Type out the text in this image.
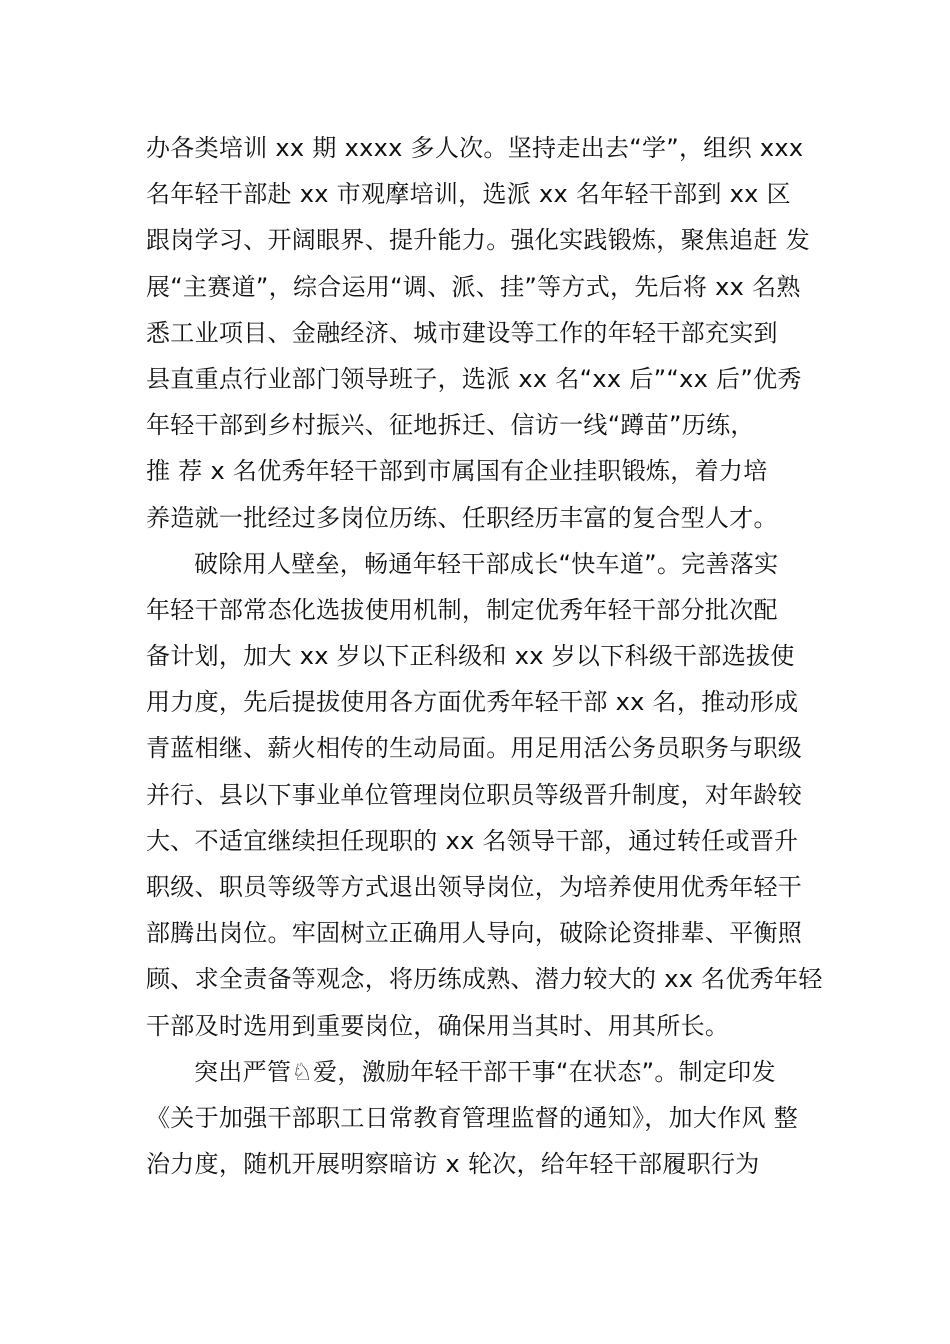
办各类培训 xx 期 xxxx 多人次。坚持走出去“学”，组织 xxx
名年轻干部赴 xx 市观摩培训，选派 xx 名年轻干部到 xx 区
跟岗学习、开阔眼界、提升能力。强化实践锻炼，聚焦追赶 发
展“主赛道”，综合运用“调、派、挂”等方式，先后将 xx 名熟
悉工业项目、金融经济、城市建设等工作的年轻干部充实到
县直重点行业部门领导班子，选派 xx 名“xx 后”“xx 后”优秀
年轻干部到乡村振兴、征地拆迁、信访一线“蹲苗”历练，
推 荐 x 名优秀年轻干部到市属国有企业挂职锻炼，着力培
养造就一批经过多岗位历练、任职经历丰富的复合型人才。
破除用人壁垒，畅通年轻干部成长“快车道”。完善落实
年轻干部常态化选拔使用机制，制定优秀年轻干部分批次配
备计划，加大 xx 岁以下正科级和 xx 岁以下科级干部选拔使
用力度，先后提拔使用各方面优秀年轻干部 xx 名，推动形成
青蓝相继、薪火相传的生动局面。用足用活公务员职务与职级
并行、县以下事业单位管理岗位职员等级晋升制度，对年龄较
大、不适宜继续担任现职的 xx 名领导干部，通过转任或晋升
职级、职员等级等方式退出领导岗位，为培养使用优秀年轻干
部腾出岗位。牢固树立正确用人导向，破除论资排辈、平衡照
顾、求全责备等观念，将历练成熟、潜力较大的 xx 名优秀年轻
干部及时选用到重要岗位，确保用当其时、用其所长。
突出严管♘爱，激励年轻干部干事“在状态”。制定印发
《关于加强干部职工日常教育管理监督的通知》，加大作风 整
治力度，随机开展明察暗访 x 轮次，给年轻干部履职行为
